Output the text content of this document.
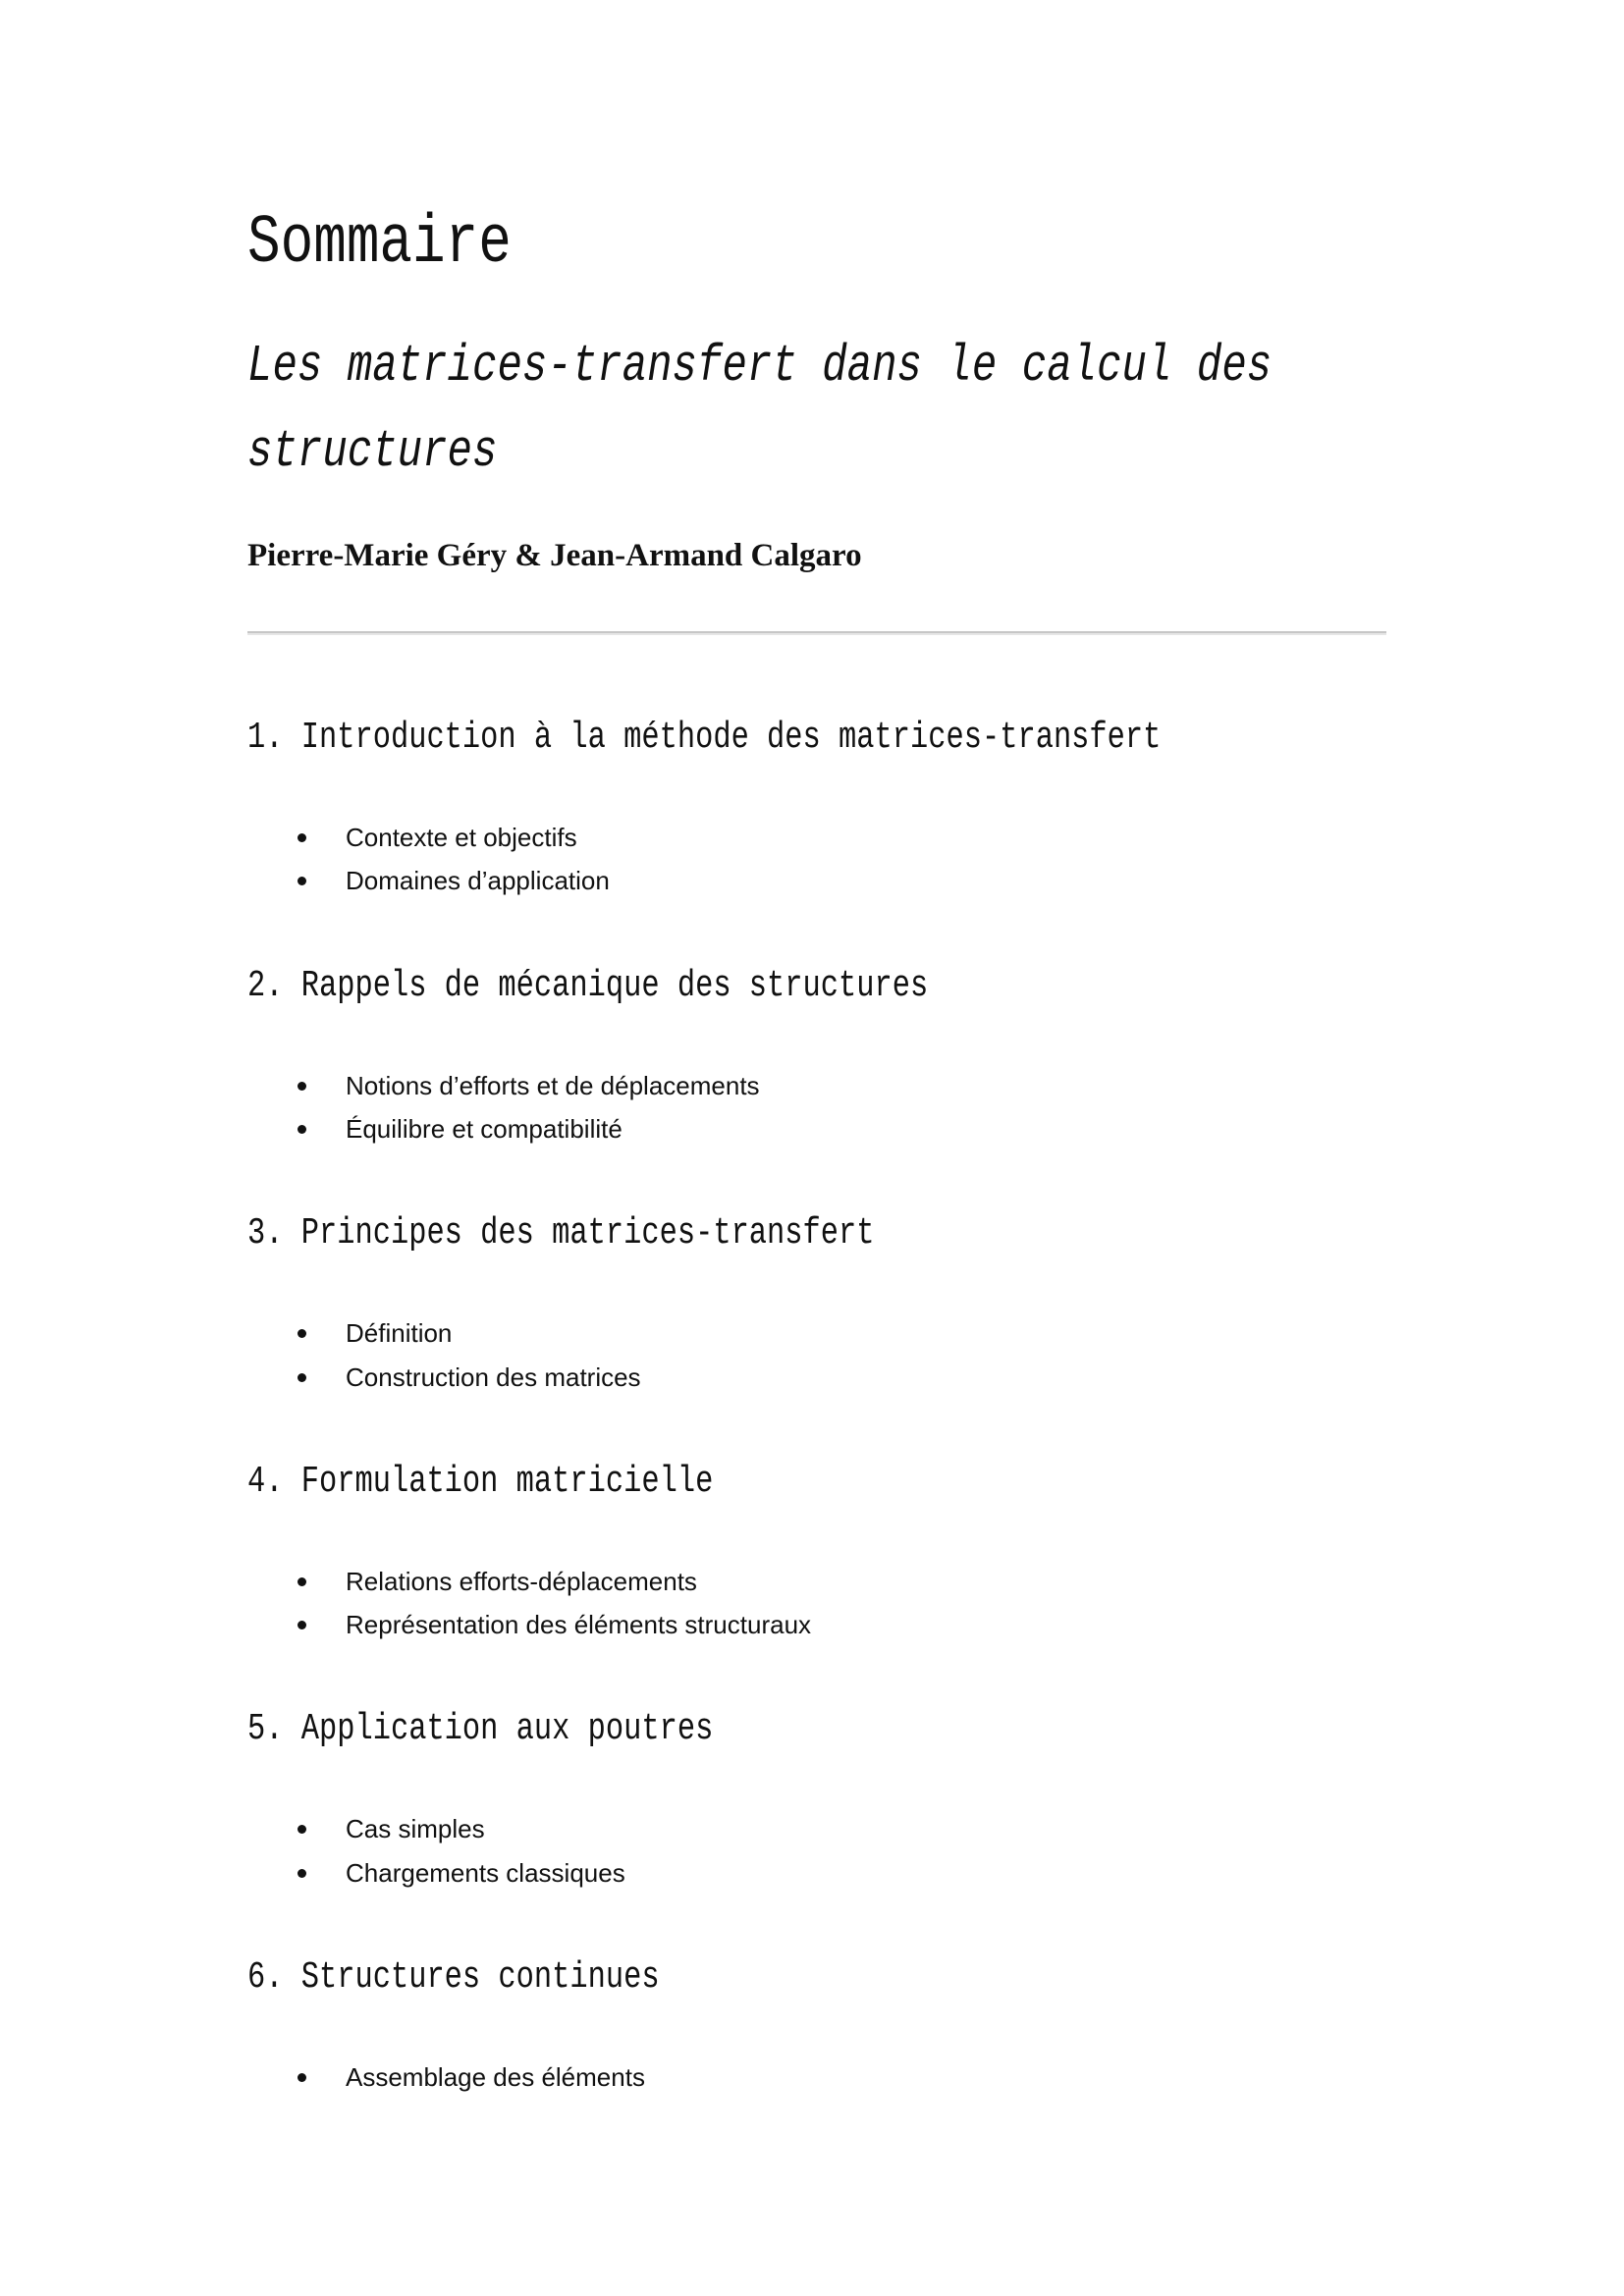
Sommaire
Les matrices-transfert dans le calcul des structures

Pierre-Marie Géry & Jean-Armand Calgaro

1. Introduction à la méthode des matrices-transfert
Contexte et objectifs
Domaines d’application
2. Rappels de mécanique des structures
Notions d’efforts et de déplacements
Équilibre et compatibilité
3. Principes des matrices-transfert
Définition
Construction des matrices
4. Formulation matricielle
Relations efforts-déplacements
Représentation des éléments structuraux
5. Application aux poutres
Cas simples
Chargements classiques
6. Structures continues
Assemblage des éléments
